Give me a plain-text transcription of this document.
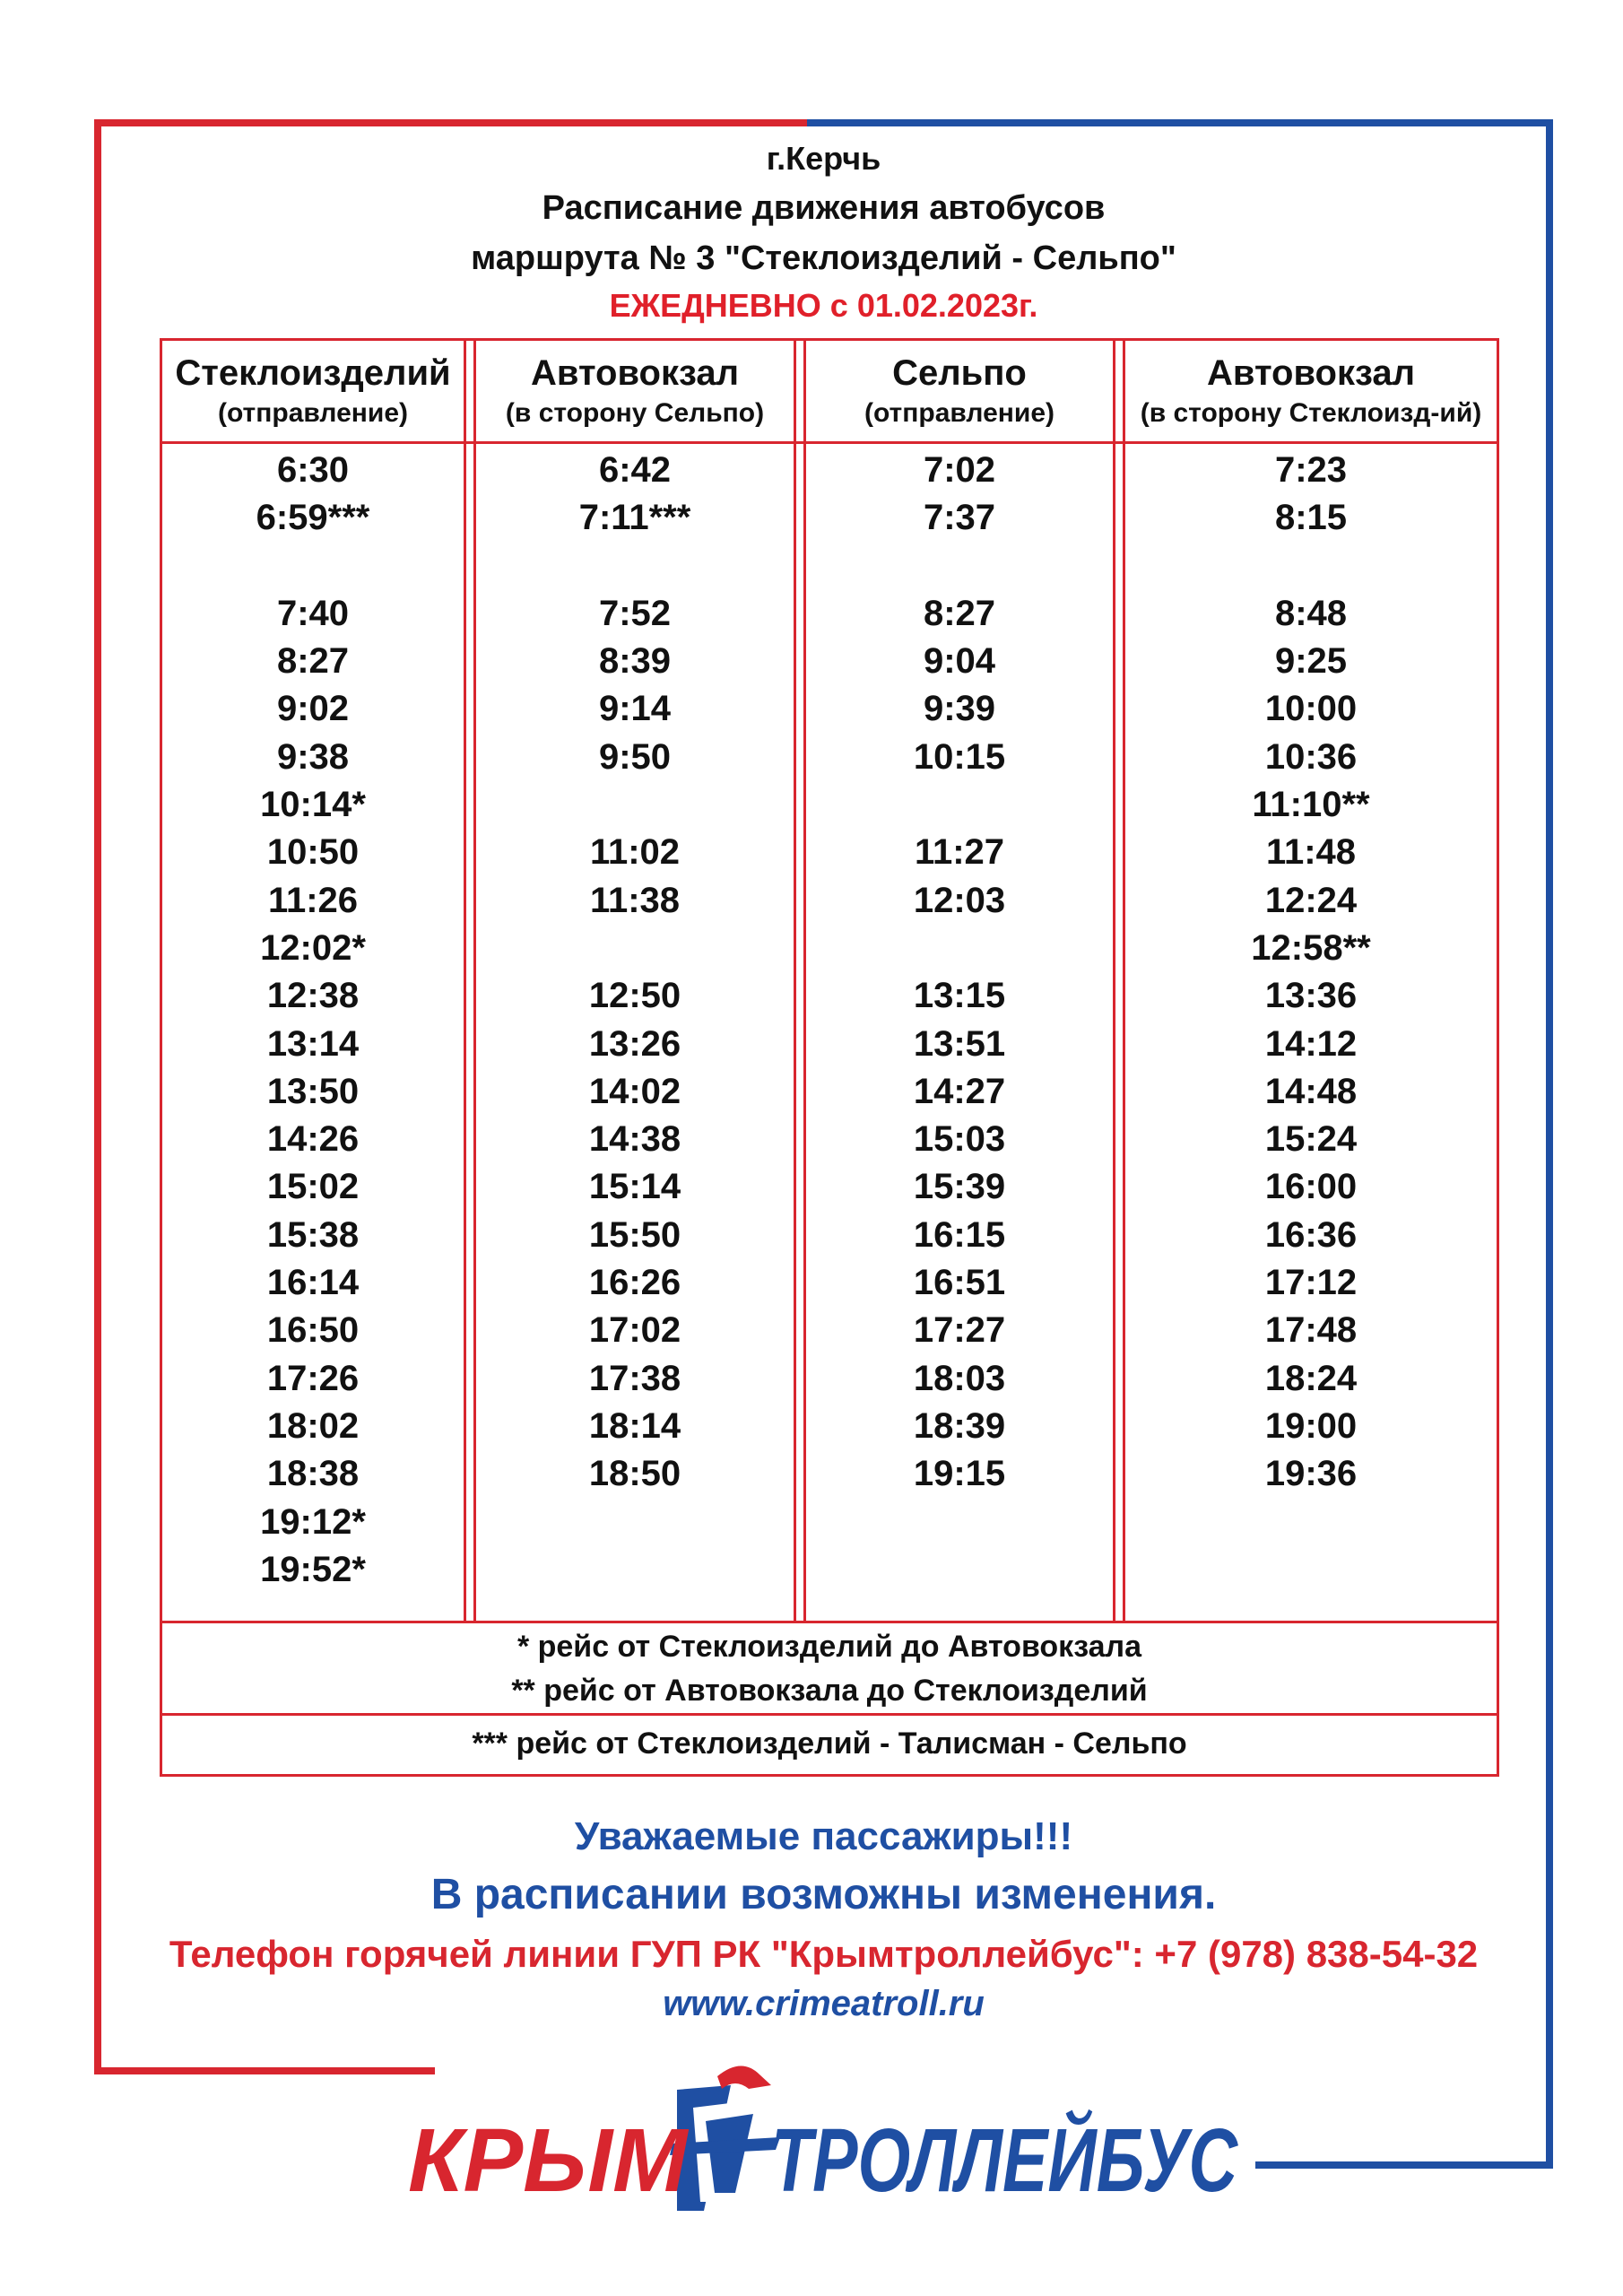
г.Керчь
Расписание движения автобусов
маршрута № 3 "Стеклоизделий - Сельпо"
ЕЖЕДНЕВНО с 01.02.2023г.
Стеклоизделий
(отправление)
Автовокзал
(в сторону Сельпо)
Сельпо
(отправление)
Автовокзал
(в сторону Стеклоизд-ий)
6:30
6:59***
7:40
8:27
9:02
9:38
10:14*
10:50
11:26
12:02*
12:38
13:14
13:50
14:26
15:02
15:38
16:14
16:50
17:26
18:02
18:38
19:12*
19:52*
6:42
7:11***
7:52
8:39
9:14
9:50
11:02
11:38
12:50
13:26
14:02
14:38
15:14
15:50
16:26
17:02
17:38
18:14
18:50
7:02
7:37
8:27
9:04
9:39
10:15
11:27
12:03
13:15
13:51
14:27
15:03
15:39
16:15
16:51
17:27
18:03
18:39
19:15
7:23
8:15
8:48
9:25
10:00
10:36
11:10**
11:48
12:24
12:58**
13:36
14:12
14:48
15:24
16:00
16:36
17:12
17:48
18:24
19:00
19:36
* рейс от Стеклоизделий до Автовокзала
** рейс от Автовокзала до Стеклоизделий
*** рейс от Стеклоизделий - Талисман - Сельпо
Уважаемые пассажиры!!!
В расписании возможны изменения.
Телефон горячей линии ГУП РК "Крымтроллейбус": +7 (978) 838-54-32
www.crimeatroll.ru
КРЫМ ТРОЛЛЕЙБУС
